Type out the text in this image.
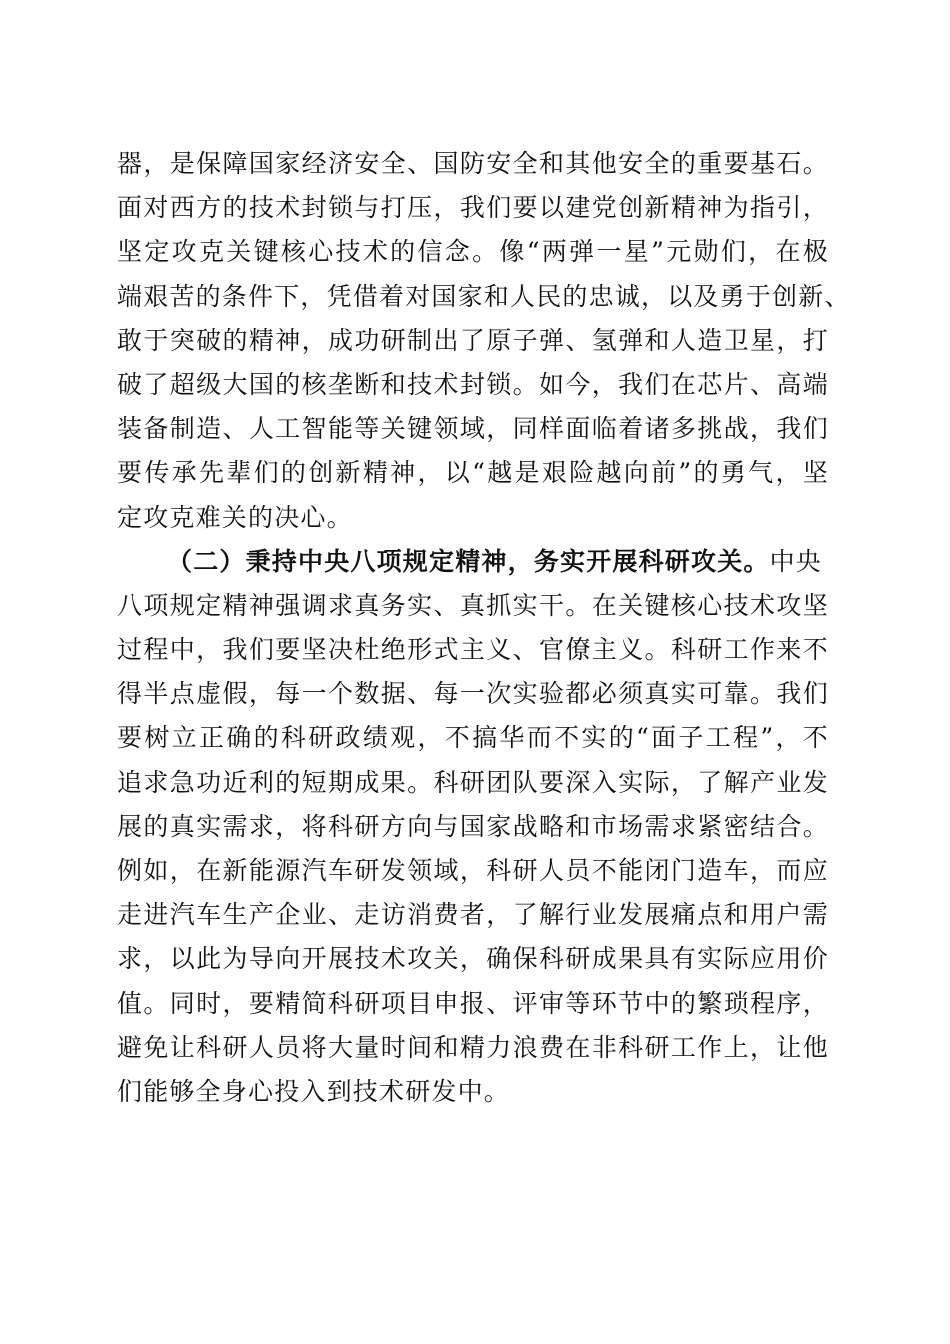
器，是保障国家经济安全、国防安全和其他安全的重要基石。
面对西方的技术封锁与打压，我们要以建党创新精神为指引，
坚定攻克关键核心技术的信念。像“两弹一星”元勋们，在极
端艰苦的条件下，凭借着对国家和人民的忠诚，以及勇于创新、
敢于突破的精神，成功研制出了原子弹、氢弹和人造卫星，打
破了超级大国的核垄断和技术封锁。如今，我们在芯片、高端
装备制造、人工智能等关键领域，同样面临着诸多挑战，我们
要传承先辈们的创新精神，以“越是艰险越向前”的勇气，坚
定攻克难关的决心。
（二）秉持中央八项规定精神，务实开展科研攻关。中央
八项规定精神强调求真务实、真抓实干。在关键核心技术攻坚
过程中，我们要坚决杜绝形式主义、官僚主义。科研工作来不
得半点虚假，每一个数据、每一次实验都必须真实可靠。我们
要树立正确的科研政绩观，不搞华而不实的“面子工程”，不
追求急功近利的短期成果。科研团队要深入实际，了解产业发
展的真实需求，将科研方向与国家战略和市场需求紧密结合。
例如，在新能源汽车研发领域，科研人员不能闭门造车，而应
走进汽车生产企业、走访消费者，了解行业发展痛点和用户需
求，以此为导向开展技术攻关，确保科研成果具有实际应用价
值。同时，要精简科研项目申报、评审等环节中的繁琐程序，
避免让科研人员将大量时间和精力浪费在非科研工作上，让他
们能够全身心投入到技术研发中。
